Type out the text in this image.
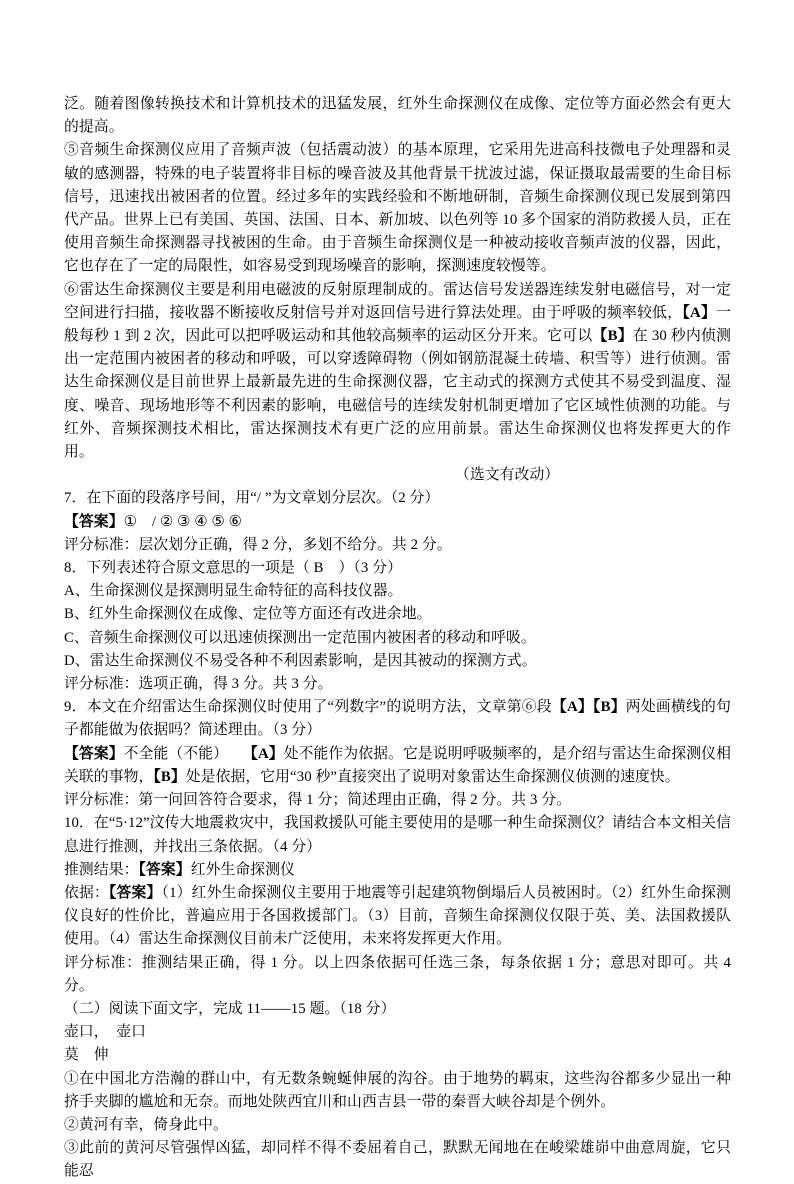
泛。随着图像转换技术和计算机技术的迅猛发展，红外生命探测仪在成像、定位等方面必然会有更大的提高。
⑤音频生命探测仪应用了音频声波（包括震动波）的基本原理，它采用先进高科技微电子处理器和灵敏的感测器，特殊的电子装置将非目标的噪音波及其他背景干扰波过滤，保证摄取最需要的生命目标信号，迅速找出被困者的位置。经过多年的实践经验和不断地研制，音频生命探测仪现已发展到第四代产品。世界上已有美国、英国、法国、日本、新加坡、以色列等 10 多个国家的消防救援人员，正在使用音频生命探测器寻找被困的生命。由于音频生命探测仪是一种被动接收音频声波的仪器，因此，它也存在了一定的局限性，如容易受到现场噪音的影响，探测速度较慢等。
⑥雷达生命探测仪主要是利用电磁波的反射原理制成的。雷达信号发送器连续发射电磁信号，对一定空间进行扫描，接收器不断接收反射信号并对返回信号进行算法处理。由于呼吸的频率较低，【A】一般每秒 1 到 2 次，因此可以把呼吸运动和其他较高频率的运动区分开来。它可以【B】在 30 秒内侦测出一定范围内被困者的移动和呼吸，可以穿透障碍物（例如钢筋混凝土砖墙、积雪等）进行侦测。雷达生命探测仪是目前世界上最新最先进的生命探测仪器，它主动式的探测方式使其不易受到温度、湿度、噪音、现场地形等不利因素的影响，电磁信号的连续发射机制更增加了它区域性侦测的功能。与红外、音频探测技术相比，雷达探测技术有更广泛的应用前景。雷达生命探测仪也将发挥更大的作用。
（选文有改动）
7．在下面的段落序号间，用“/ ”为文章划分层次。（2 分）
【答案】①　/ ② ③ ④ ⑤ ⑥
评分标准：层次划分正确，得 2 分，多划不给分。共 2 分。
8．下列表述符合原文意思的一项是（ B　）（3 分）
A、生命探测仪是探测明显生命特征的高科技仪器。
B、红外生命探测仪在成像、定位等方面还有改进余地。
C、音频生命探测仪可以迅速侦探测出一定范围内被困者的移动和呼吸。
D、雷达生命探测仪不易受各种不利因素影响，是因其被动的探测方式。
评分标准：选项正确，得 3 分。共 3 分。
9．本文在介绍雷达生命探测仪时使用了“列数字”的说明方法，文章第⑥段【A】【B】两处画横线的句子都能做为依据吗？简述理由。（3 分）
【答案】不全能（不能）　　【A】处不能作为依据。它是说明呼吸频率的，是介绍与雷达生命探测仪相关联的事物，【B】处是依据，它用“30 秒”直接突出了说明对象雷达生命探测仪侦测的速度快。
评分标准：第一问回答符合要求，得 1 分；简述理由正确，得 2 分。共 3 分。
10．在“5·12”汶传大地震救灾中，我国救援队可能主要使用的是哪一种生命探测仪？请结合本文相关信息进行推测，并找出三条依据。（4 分）
推测结果：【答案】红外生命探测仪
依据：【答案】（1）红外生命探测仪主要用于地震等引起建筑物倒塌后人员被困时。（2）红外生命探测仪良好的性价比，普遍应用于各国救援部门。（3）目前，音频生命探测仪仅限于英、美、法国救援队使用。（4）雷达生命探测仪目前未广泛使用，未来将发挥更大作用。
评分标准：推测结果正确，得 1 分。以上四条依据可任选三条，每条依据 1 分；意思对即可。共 4 分。
（二）阅读下面文字，完成 11——15 题。（18 分）
壶口，　壶口
莫　伸
①在中国北方浩瀚的群山中，有无数条蜿蜒伸展的沟谷。由于地势的羁束，这些沟谷都多少显出一种挤手夹脚的尴尬和无奈。而地处陕西宜川和山西吉县一带的秦晋大峡谷却是个例外。
②黄河有幸，倚身此中。
③此前的黄河尽管强悍凶猛，却同样不得不委屈着自己，默默无闻地在在峻梁雄峁中曲意周旋，它只能忍
